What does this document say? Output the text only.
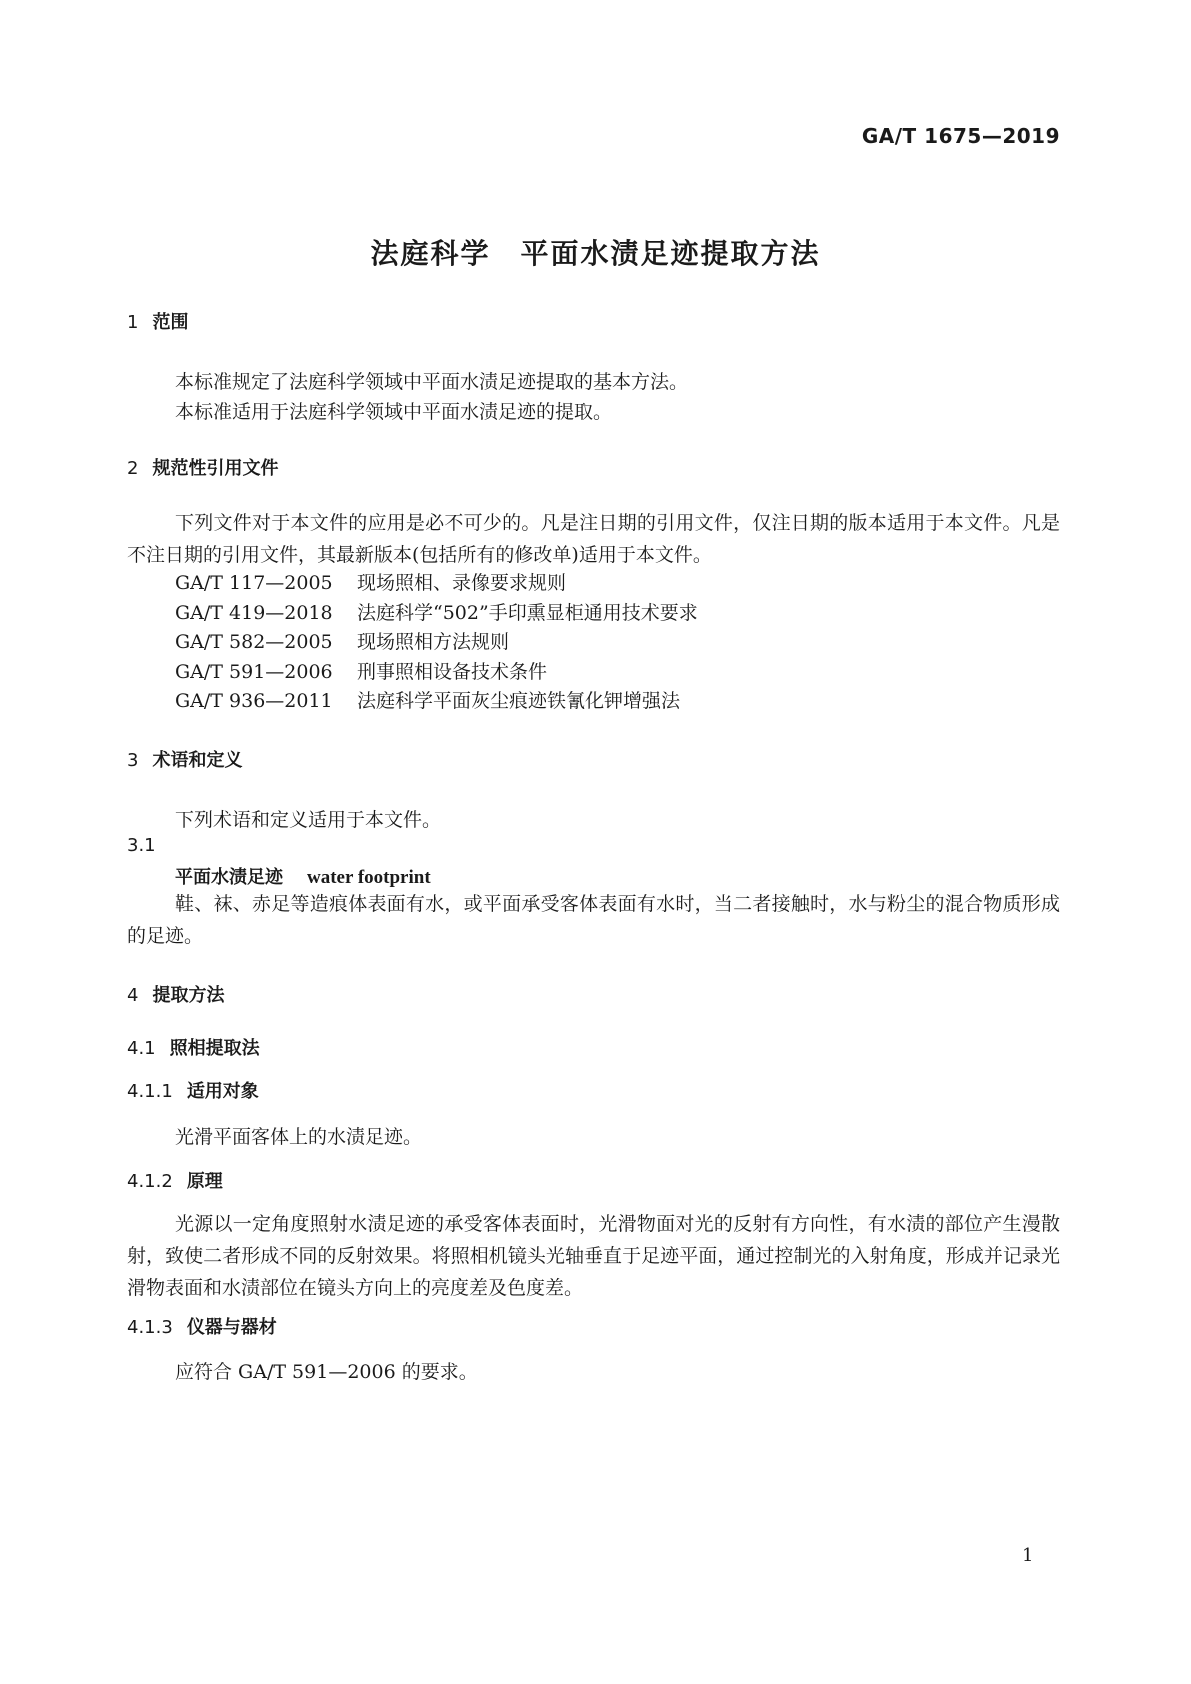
GA/T 1675—2019
法庭科学　平面水渍足迹提取方法
1 范围
本标准规定了法庭科学领域中平面水渍足迹提取的基本方法。
本标准适用于法庭科学领域中平面水渍足迹的提取。
2 规范性引用文件
下列文件对于本文件的应用是必不可少的。凡是注日期的引用文件，仅注日期的版本适用于本文件。凡是不注日期的引用文件，其最新版本(包括所有的修改单)适用于本文件。
GA/T 117—2005 现场照相、录像要求规则
GA/T 419—2018 法庭科学“502”手印熏显柜通用技术要求
GA/T 582—2005 现场照相方法规则
GA/T 591—2006 刑事照相设备技术条件
GA/T 936—2011 法庭科学平面灰尘痕迹铁氰化钾增强法
3 术语和定义
下列术语和定义适用于本文件。
3.1
平面水渍足迹 water footprint
鞋、袜、赤足等造痕体表面有水，或平面承受客体表面有水时，当二者接触时，水与粉尘的混合物质形成的足迹。
4 提取方法
4.1 照相提取法
4.1.1 适用对象
光滑平面客体上的水渍足迹。
4.1.2 原理
光源以一定角度照射水渍足迹的承受客体表面时，光滑物面对光的反射有方向性，有水渍的部位产生漫散射，致使二者形成不同的反射效果。将照相机镜头光轴垂直于足迹平面，通过控制光的入射角度，形成并记录光滑物表面和水渍部位在镜头方向上的亮度差及色度差。
4.1.3 仪器与器材
应符合 GA/T 591—2006 的要求。
1
